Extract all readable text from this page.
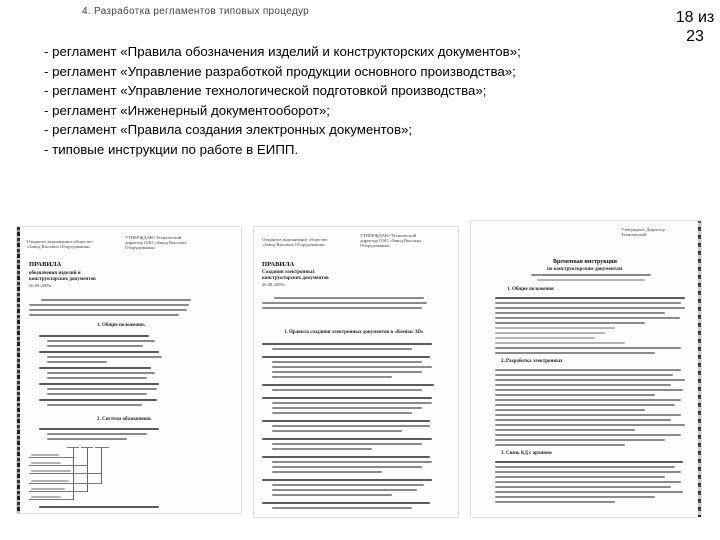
4. Разработка регламентов типовых процедур	18 из
23
- регламент «Правила обозначения изделий и конструкторских документов»;
- регламент «Управление разработкой продукции основного производства»;
- регламент «Управление технологической подготовкой производства»;
- регламент «Инженерный документооборот»;
- регламент «Правила создания электронных документов»;
- типовые инструкции по работе в ЕИПП.
Открытое акционерное общество «Завод Высоких Оборудования»
УТВЕРЖДАЮ Технический директор ОАО «Завод Высоких Оборудования»
ПРАВИЛА
обозначения изделий и
конструкторских документов
26.08.2009г.
1. Общие положения.
2. Система обозначения.
Открытое акционерное общество «Завод Высоких Оборудования»
УТВЕРЖДАЮ Технический директор ОАО «Завод Высоких Оборудования»
ПРАВИЛА
Создания электронных
конструкторских документов
26.08.2009г.
1. Правила создания электронных документов в «Компас 3D»
Утверждено Директор Технический
Временная инструкция
по конструкторским документам
1. Общие положения
2. Разработка электронных
3. Связь КД с архивом
